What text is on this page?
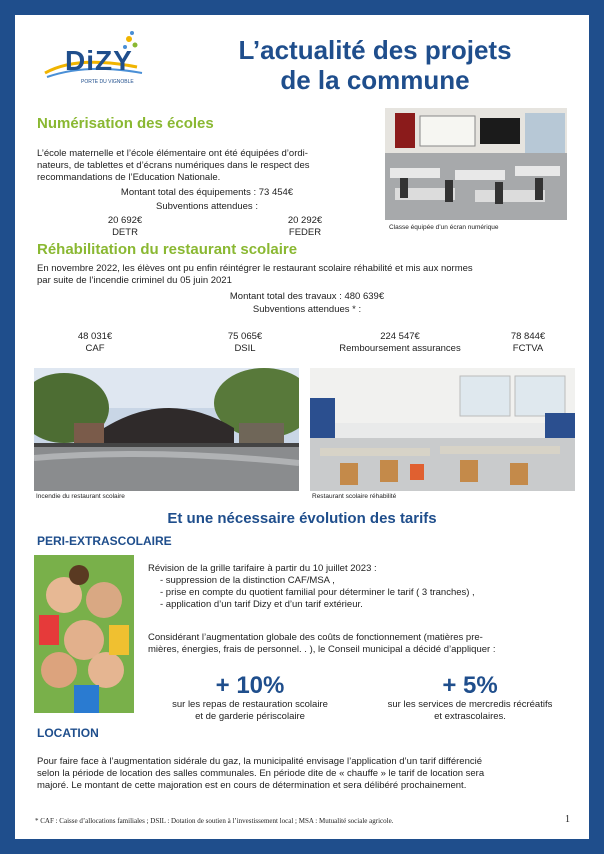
DiZY
PORTE DU VIGNOBLE
L’actualité des projets
de la commune
Numérisation des écoles
L’école maternelle et l’école élémentaire ont été équipées d’ordi-
nateurs, de tablettes et d’écrans numériques dans le respect des
recommandations de l’Education Nationale.
Montant total des équipements : 73 454€
Subventions attendues :
20 692€
DETR
20 292€
FEDER	Classe équipée d’un écran numérique
Réhabilitation du restaurant scolaire
En novembre 2022, les élèves ont pu enfin réintégrer le restaurant scolaire réhabilité et mis aux normes
par suite de l’incendie criminel du 05 juin 2021
Montant total des travaux : 480 639€
Subventions attendues * :
48 031€
CAF
75 065€
DSIL
224 547€
Remboursement assurances
78 844€
FCTVA
Incendie du restaurant scolaire	Restaurant scolaire réhabilité
Et une nécessaire évolution des tarifs
PERI-EXTRASCOLAIRE
Révision de la grille tarifaire à partir du 10 juillet 2023 :
- suppression de la distinction CAF/MSA ,
- prise en compte du quotient familial pour déterminer le tarif ( 3 tranches) ,
- application d’un tarif Dizy et d’un tarif extérieur.
Considérant l’augmentation globale des coûts de fonctionnement (matières pre-
mières, énergies, frais de personnel. . ), le Conseil municipal a décidé d’appliquer :
+ 10%
sur les repas de restauration scolaire
et de garderie périscolaire
+ 5%
sur les services de mercredis récréatifs
et extrascolaires.
LOCATION
Pour faire face à l’augmentation sidérale du gaz, la municipalité envisage l’application d’un tarif différencié
selon la période de location des salles communales. En période dite de « chauffe » le tarif de location sera
majoré. Le montant de cette majoration est en cours de détermination et sera délibéré prochainement.
* CAF : Caisse d’allocations familiales ; DSIL : Dotation de soutien à l’investissement local ; MSA : Mutualité sociale agricole.	1
